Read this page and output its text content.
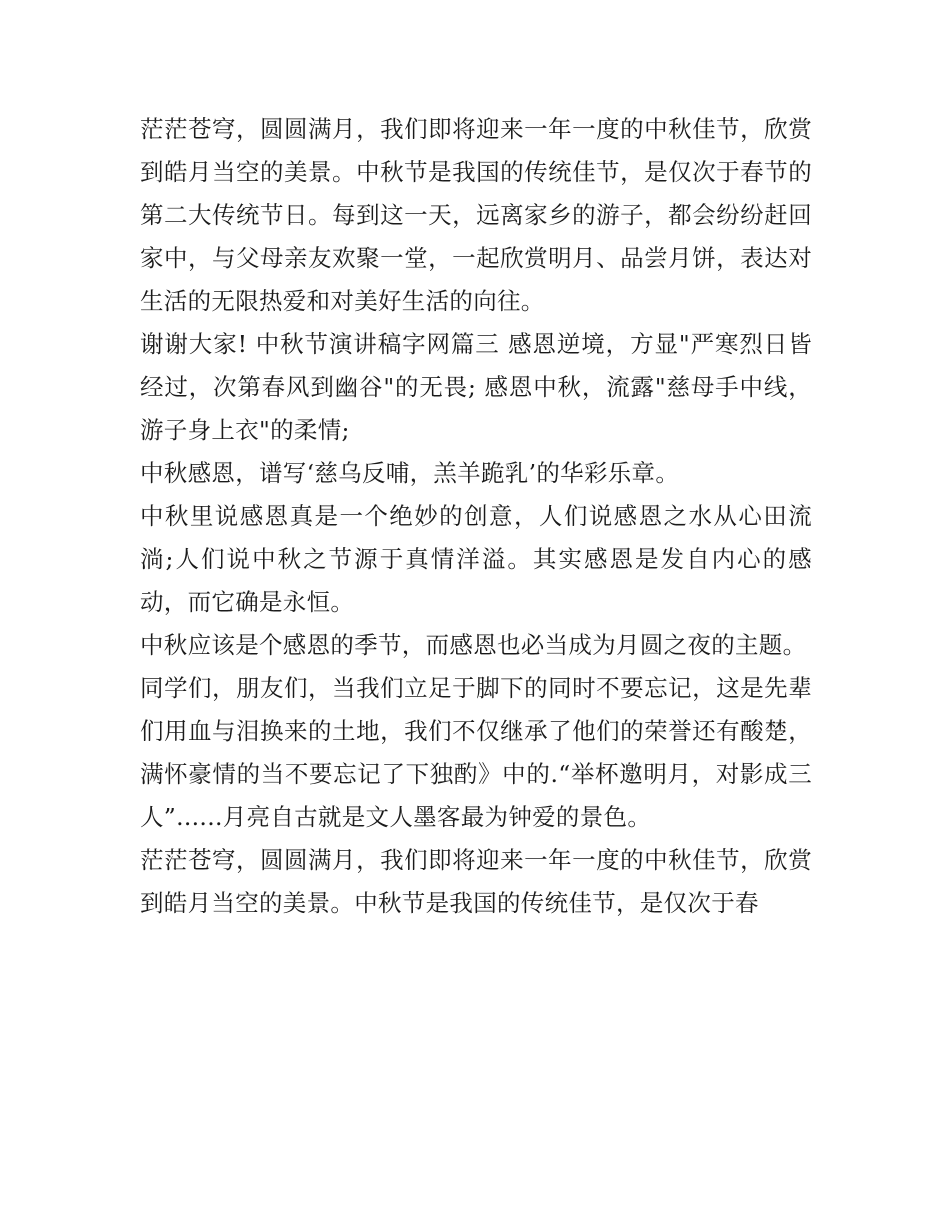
茫茫苍穹，圆圆满月，我们即将迎来一年一度的中秋佳节，欣赏到皓月当空的美景。中秋节是我国的传统佳节，是仅次于春节的第二大传统节日。每到这一天，远离家乡的游子，都会纷纷赶回家中，与父母亲友欢聚一堂，一起欣赏明月、品尝月饼，表达对生活的无限热爱和对美好生活的向往。

谢谢大家! 中秋节演讲稿字网篇三 感恩逆境，方显"严寒烈日皆经过，次第春风到幽谷"的无畏; 感恩中秋，流露"慈母手中线，游子身上衣"的柔情;

中秋感恩，谱写‘慈乌反哺，羔羊跪乳’的华彩乐章。

中秋里说感恩真是一个绝妙的创意，人们说感恩之水从心田流淌;人们说中秋之节源于真情洋溢。其实感恩是发自内心的感动，而它确是永恒。

中秋应该是个感恩的季节，而感恩也必当成为月圆之夜的主题。

同学们，朋友们，当我们立足于脚下的同时不要忘记，这是先辈们用血与泪换来的土地，我们不仅继承了他们的荣誉还有酸楚，满怀豪情的当不要忘记了下独酌》中的.“举杯邀明月，对影成三人”......月亮自古就是文人墨客最为钟爱的景色。

茫茫苍穹，圆圆满月，我们即将迎来一年一度的中秋佳节，欣赏到皓月当空的美景。中秋节是我国的传统佳节，是仅次于春
